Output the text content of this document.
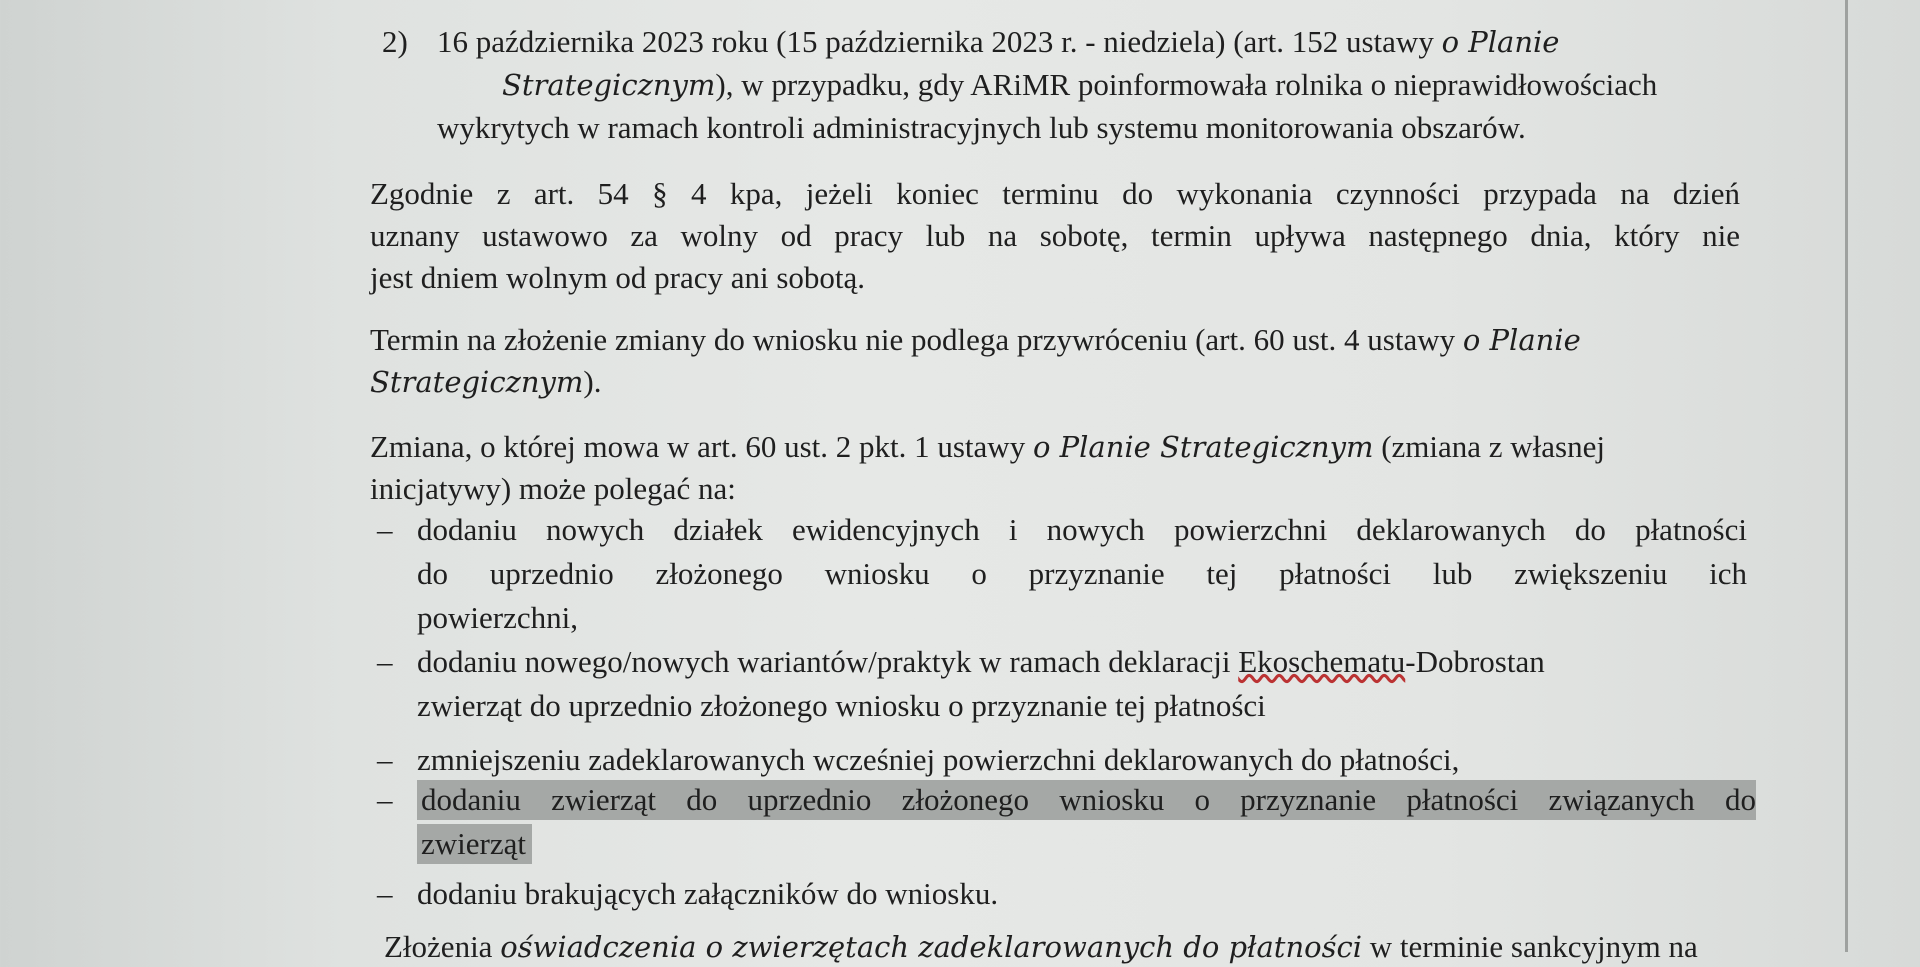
2) 16 października 2023 roku (15 października 2023 r. - niedziela) (art. 152 ustawy o Planie
Strategicznym), w przypadku, gdy ARiMR poinformowała rolnika o nieprawidłowościach
wykrytych w ramach kontroli administracyjnych lub systemu monitorowania obszarów.
Zgodnie z art. 54 § 4 kpa, jeżeli koniec terminu do wykonania czynności przypada na dzień
uznany ustawowo za wolny od pracy lub na sobotę, termin upływa następnego dnia, który nie
jest dniem wolnym od pracy ani sobotą.
Termin na złożenie zmiany do wniosku nie podlega przywróceniu (art. 60 ust. 4 ustawy o Planie
Strategicznym).
Zmiana, o której mowa w art. 60 ust. 2 pkt. 1 ustawy o Planie Strategicznym (zmiana z własnej
inicjatywy) może polegać na:
– dodaniu nowych działek ewidencyjnych i nowych powierzchni deklarowanych do płatności
do uprzednio złożonego wniosku o przyznanie tej płatności lub zwiększeniu ich
powierzchni,
– dodaniu nowego/nowych wariantów/praktyk w ramach deklaracji Ekoschematu-Dobrostan
zwierząt do uprzednio złożonego wniosku o przyznanie tej płatności
– zmniejszeniu zadeklarowanych wcześniej powierzchni deklarowanych do płatności,
– dodaniu zwierząt do uprzednio złożonego wniosku o przyznanie płatności związanych do
zwierząt
– dodaniu brakujących załączników do wniosku.
Złożenia oświadczenia o zwierzętach zadeklarowanych do płatności w terminie sankcyjnym na
